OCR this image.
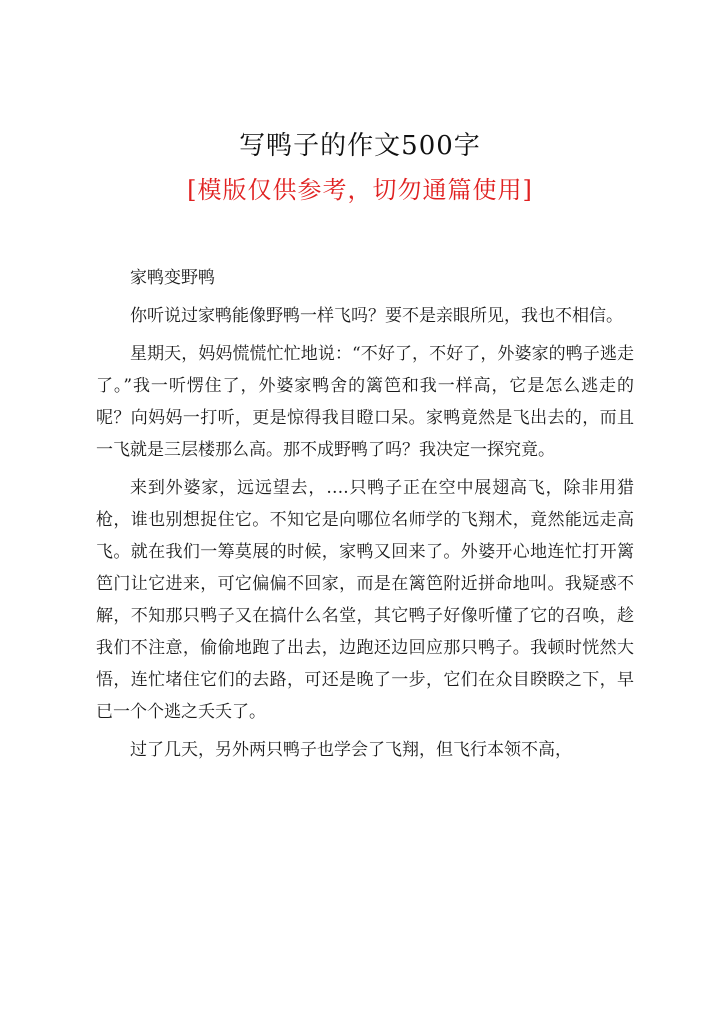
写鸭子的作文500字
[模版仅供参考，切勿通篇使用]

家鸭变野鸭

你听说过家鸭能像野鸭一样飞吗？要不是亲眼所见，我也不相信。

星期天，妈妈慌慌忙忙地说：“不好了，不好了，外婆家的鸭子逃走了。”我一听愣住了，外婆家鸭舍的篱笆和我一样高，它是怎么逃走的呢？向妈妈一打听，更是惊得我目瞪口呆。家鸭竟然是飞出去的，而且一飞就是三层楼那么高。那不成野鸭了吗？我决定一探究竟。

来到外婆家，远远望去，….只鸭子正在空中展翅高飞，除非用猎枪，谁也别想捉住它。不知它是向哪位名师学的飞翔术，竟然能远走高飞。就在我们一筹莫展的时候，家鸭又回来了。外婆开心地连忙打开篱笆门让它进来，可它偏偏不回家，而是在篱笆附近拼命地叫。我疑惑不解，不知那只鸭子又在搞什么名堂，其它鸭子好像听懂了它的召唤，趁我们不注意，偷偷地跑了出去，边跑还边回应那只鸭子。我顿时恍然大悟，连忙堵住它们的去路，可还是晚了一步，它们在众目睽睽之下，早已一个个逃之夭夭了。

过了几天，另外两只鸭子也学会了飞翔，但飞行本领不高，
